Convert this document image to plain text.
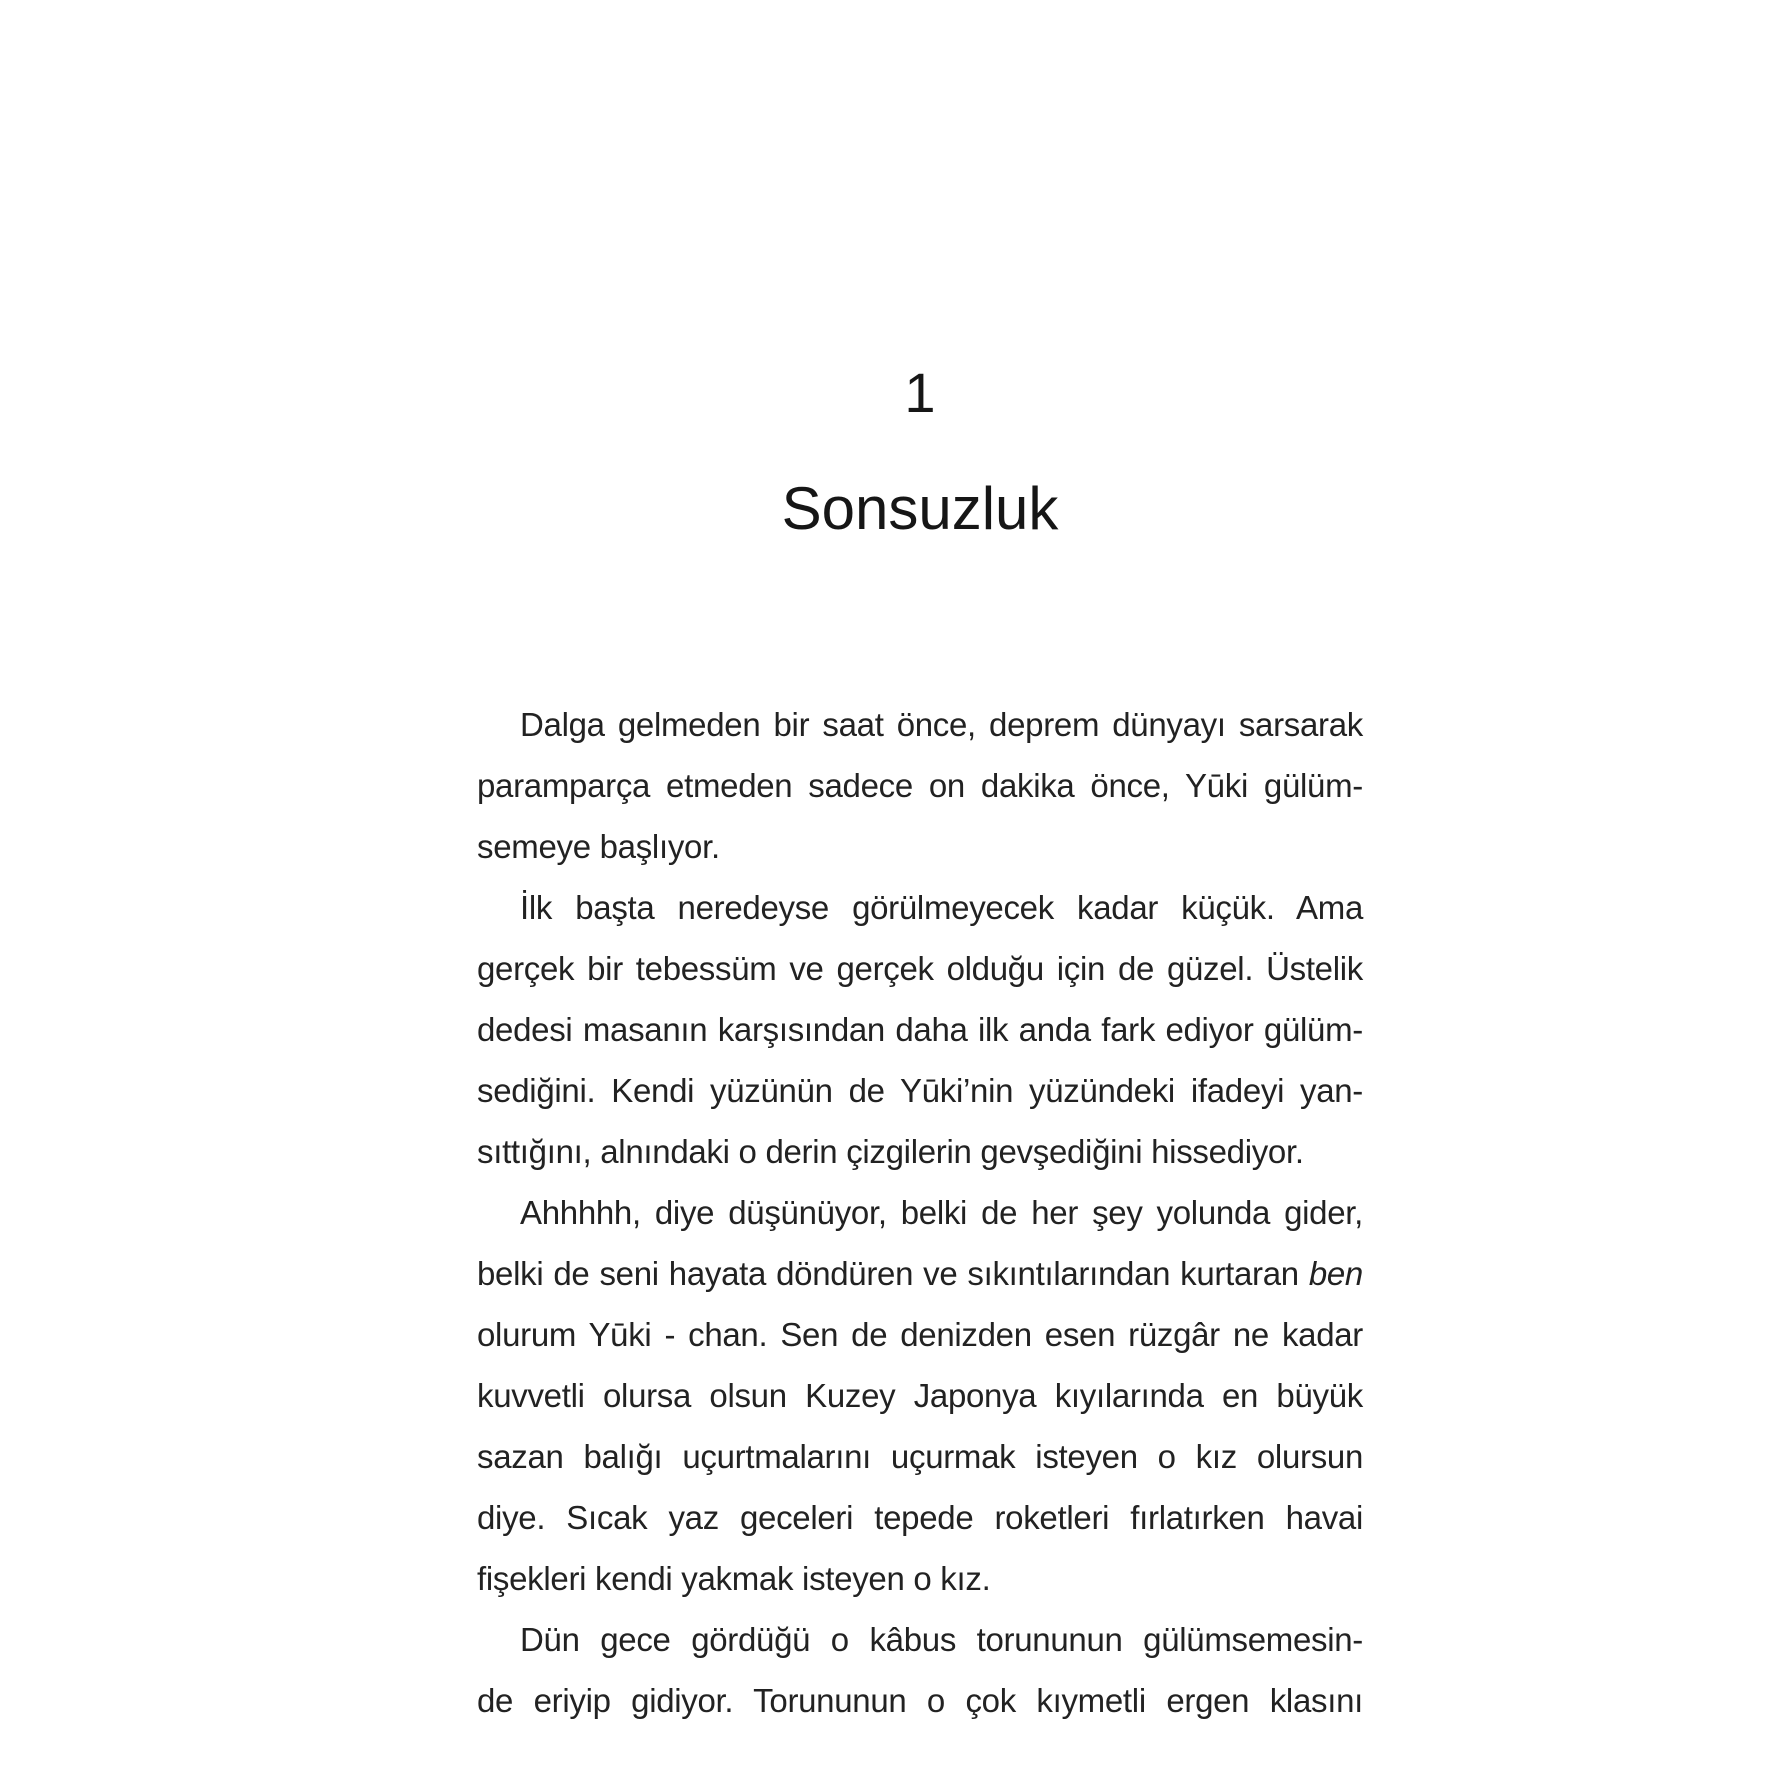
1
Sonsuzluk

Dalga gelmeden bir saat önce, deprem dünyayı sarsarak
paramparça etmeden sadece on dakika önce, Yūki gülüm-
semeye başlıyor.

İlk başta neredeyse görülmeyecek kadar küçük. Ama
gerçek bir tebessüm ve gerçek olduğu için de güzel. Üstelik
dedesi masanın karşısından daha ilk anda fark ediyor gülüm-
sediğini. Kendi yüzünün de Yūki’nin yüzündeki ifadeyi yan-
sıttığını, alnındaki o derin çizgilerin gevşediğini hissediyor.

Ahhhhh, diye düşünüyor, belki de her şey yolunda gider,
belki de seni hayata döndüren ve sıkıntılarından kurtaran ben
olurum Yūki - chan. Sen de denizden esen rüzgâr ne kadar
kuvvetli olursa olsun Kuzey Japonya kıyılarında en büyük
sazan balığı uçurtmalarını uçurmak isteyen o kız olursun
diye. Sıcak yaz geceleri tepede roketleri fırlatırken havai
fişekleri kendi yakmak isteyen o kız.

Dün gece gördüğü o kâbus torununun gülümsemesin-
de eriyip gidiyor. Torununun o çok kıymetli ergen klasını
